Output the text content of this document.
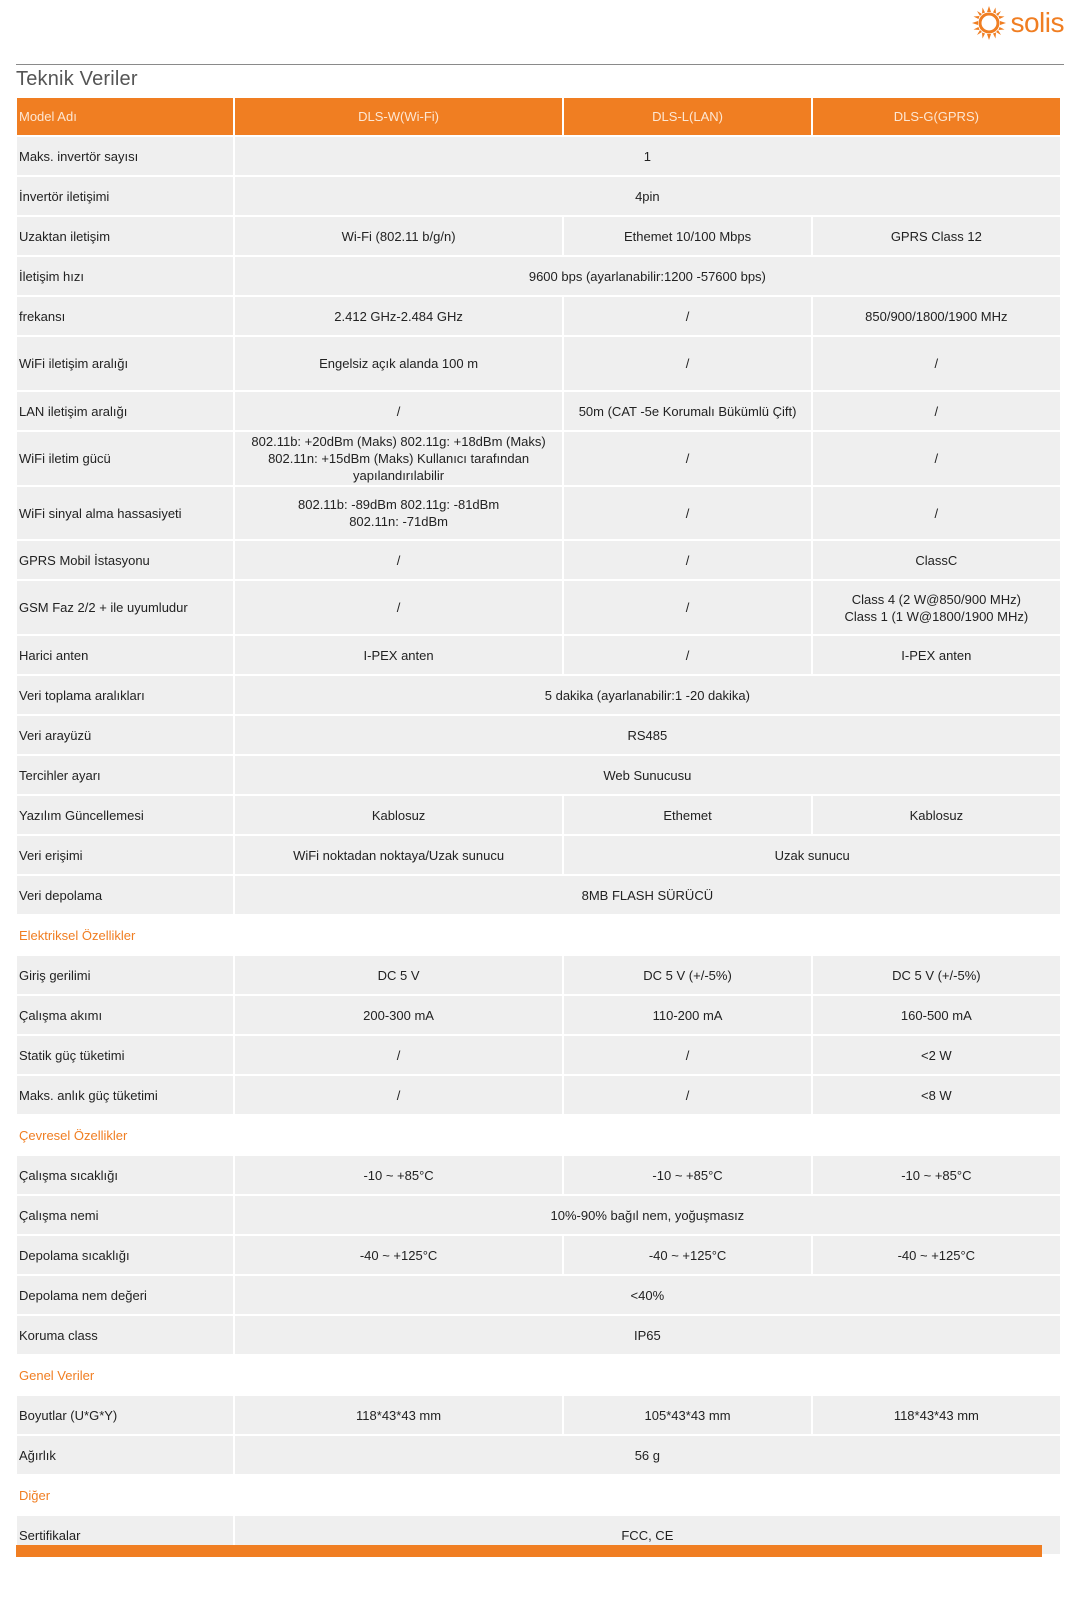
solis
Teknik Veriler
Model Adı	DLS-W(Wi-Fi)	DLS-L(LAN)	DLS-G(GPRS)
Maks. invertör sayısı	1		
İnvertör iletişimi	4pin		
Uzaktan iletişim	Wi-Fi (802.11 b/g/n)	Ethemet 10/100 Mbps	GPRS Class 12
İletişim hızı	9600 bps (ayarlanabilir:1200 -57600 bps)		
frekansı	2.412 GHz-2.484 GHz	/	850/900/1800/1900 MHz
WiFi iletişim aralığı	Engelsiz açık alanda 100 m	/	/
LAN iletişim aralığı	/	50m (CAT -5e Korumalı Bükümlü Çift)	/
WiFi iletim gücü	802.11b: +20dBm (Maks) 802.11g: +18dBm (Maks)
802.11n: +15dBm (Maks) Kullanıcı tarafından
yapılandırılabilir	/	/
WiFi sinyal alma hassasiyeti	802.11b: -89dBm 802.11g: -81dBm
802.11n: -71dBm	/	/
GPRS Mobil İstasyonu	/	/	ClassC
GSM Faz 2/2 + ile uyumludur	/	/	Class 4 (2 W@850/900 MHz)
Class 1 (1 W@1800/1900 MHz)

Harici anten	I-PEX anten	/	I-PEX anten
Veri toplama aralıkları	5 dakika (ayarlanabilir:1 -20 dakika)		
Veri arayüzü	RS485		
Tercihler ayarı	Web Sunucusu		
Yazılım Güncellemesi	Kablosuz	Ethemet	Kablosuz
Veri erişimi	WiFi noktadan noktaya/Uzak sunucu	Uzak sunucu	
Veri depolama	8MB FLASH SÜRÜCÜ		
Elektriksel Özellikler			
Giriş gerilimi	DC 5 V	DC 5 V (+/-5%)	DC 5 V (+/-5%)
Çalışma akımı	200-300 mA	110-200 mA	160-500 mA
Statik güç tüketimi	/	/	<2 W
Maks. anlık güç tüketimi	/	/	<8 W
Çevresel Özellikler			
Çalışma sıcaklığı	-10 ~ +85°C	-10 ~ +85°C	-10 ~ +85°C
Çalışma nemi	10%-90% bağıl nem, yoğuşmasız		
Depolama sıcaklığı	-40 ~ +125°C	-40 ~ +125°C	-40 ~ +125°C
Depolama nem değeri	<40%		
Koruma class	IP65		
Genel Veriler			
Boyutlar (U*G*Y)	118*43*43 mm	105*43*43 mm	118*43*43 mm
Ağırlık	56 g		
Diğer			
Sertifikalar	FCC, CE		
